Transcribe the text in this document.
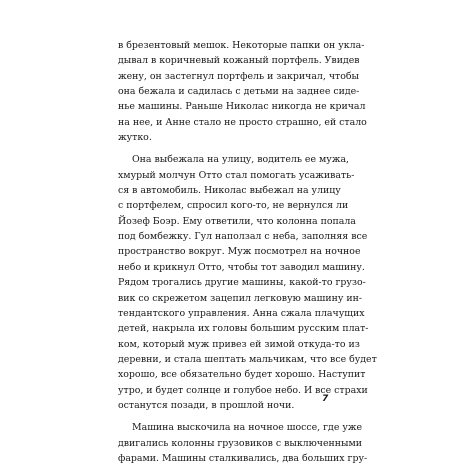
в брезентовый мешок. Некоторые папки он укла-
дывал в коричневый кожаный портфель. Увидев
жену, он застегнул портфель и закричал, чтобы
она бежала и садилась с детьми на заднее сиде-
нье машины. Раньше Николас никогда не кричал
на нее, и Анне стало не просто страшно, ей стало
жутко.

Она выбежала на улицу, водитель ее мужа,
хмурый молчун Отто стал помогать усаживать-
ся в автомобиль. Николас выбежал на улицу
с портфелем, спросил кого-то, не вернулся ли
Йозеф Боэр. Ему ответили, что колонна попала
под бомбежку. Гул наползал с неба, заполняя все
пространство вокруг. Муж посмотрел на ночное
небо и крикнул Отто, чтобы тот заводил машину.
Рядом трогались другие машины, какой-то грузо-
вик со скрежетом зацепил легковую машину ин-
тендантского управления. Анна сжала плачущих
детей, накрыла их головы большим русским плат-
ком, который муж привез ей зимой откуда-то из
деревни, и стала шептать мальчикам, что все будет
хорошо, все обязательно будет хорошо. Наступит
утро, и будет солнце и голубое небо. И все страхи
останутся позади, в прошлой ночи.

Машина выскочила на ночное шоссе, где уже
двигались колонны грузовиков с выключенными
фарами. Машины сталкивались, два больших гру-

7
